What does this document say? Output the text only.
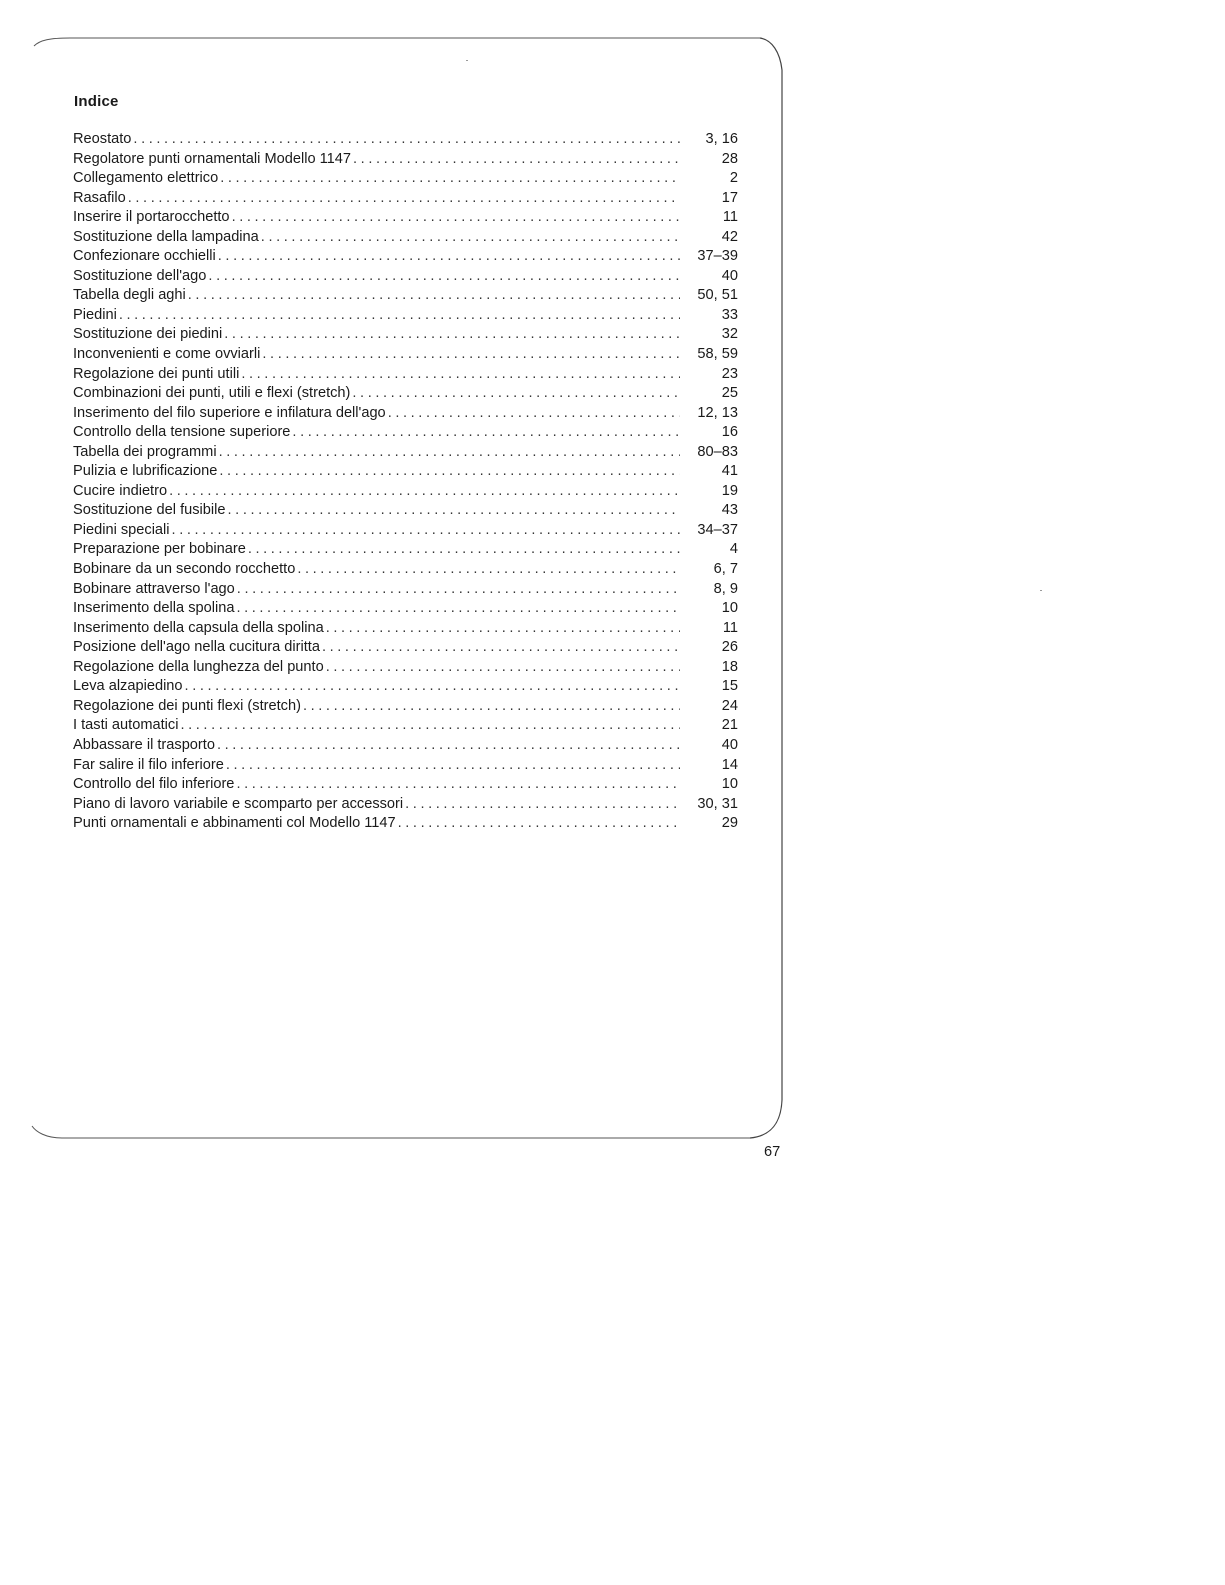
Indice
Reostato .....	3, 16
Regolatore punti ornamentali Modello 1147 .....	28
Collegamento elettrico .....	2
Rasafilo .....	17
Inserire il portarocchetto .....	11
Sostituzione della lampadina .....	42
Confezionare occhielli .....	37–39
Sostituzione dell'ago .....	40
Tabella degli aghi .....	50, 51
Piedini .....	33
Sostituzione dei piedini .....	32
Inconvenienti e come ovviarli .....	58, 59
Regolazione dei punti utili .....	23
Combinazioni dei punti, utili e flexi (stretch) .....	25
Inserimento del filo superiore e infilatura dell'ago .....	12, 13
Controllo della tensione superiore .....	16
Tabella dei programmi .....	80–83
Pulizia e lubrificazione .....	41
Cucire indietro .....	19
Sostituzione del fusibile .....	43
Piedini speciali .....	34–37
Preparazione per bobinare .....	4
Bobinare da un secondo rocchetto .....	6, 7
Bobinare attraverso l'ago .....	8, 9
Inserimento della spolina .....	10
Inserimento della capsula della spolina .....	11
Posizione dell'ago nella cucitura diritta .....	26
Regolazione della lunghezza del punto .....	18
Leva alzapiedino .....	15
Regolazione dei punti flexi (stretch) .....	24
I tasti automatici .....	21
Abbassare il trasporto .....	40
Far salire il filo inferiore .....	14
Controllo del filo inferiore .....	10
Piano di lavoro variabile e scomparto per accessori .....	30, 31
Punti ornamentali e abbinamenti col Modello 1147 .....	29
67
